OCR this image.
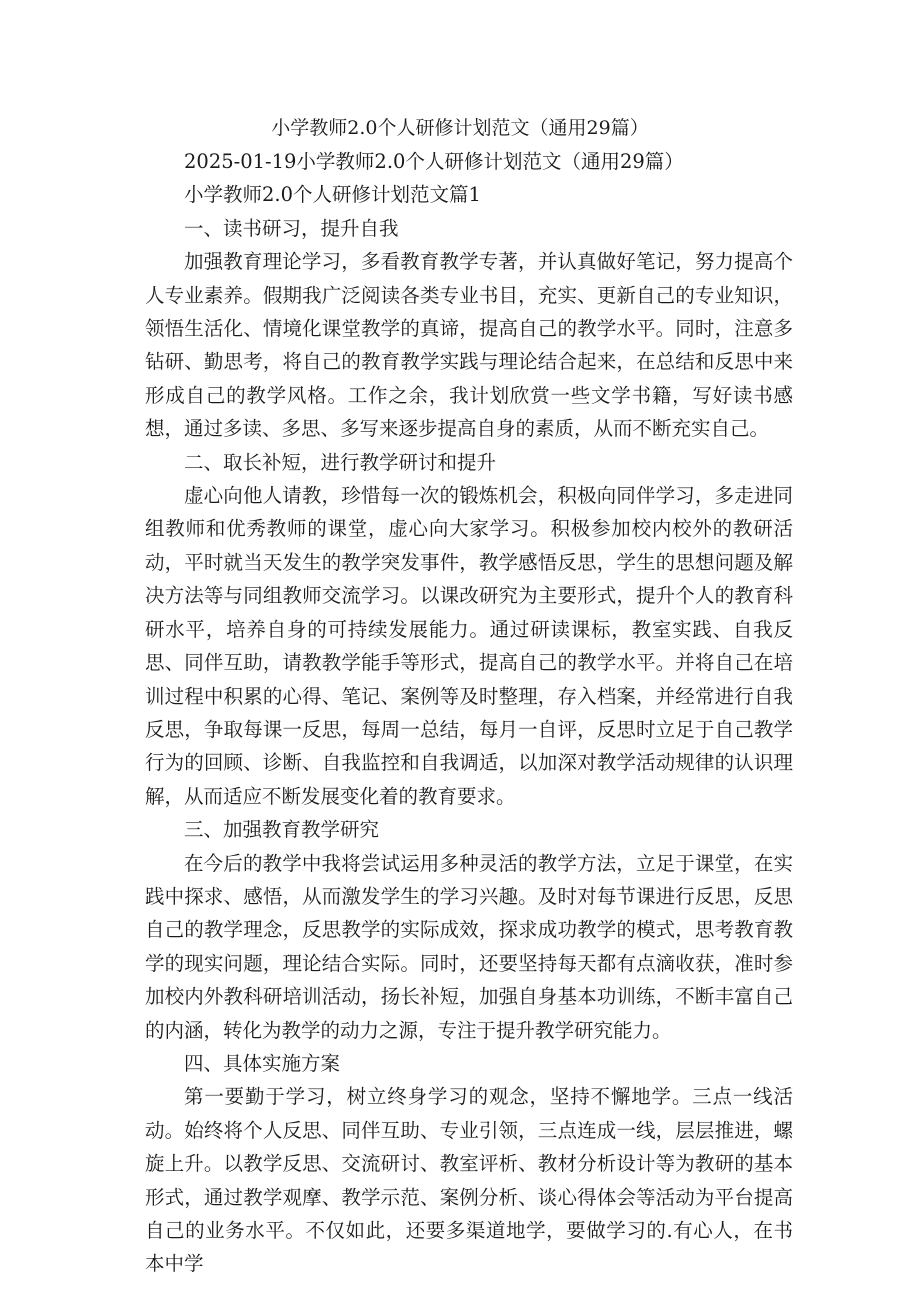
小学教师2.0个人研修计划范文（通用29篇）

2025-01-19小学教师2.0个人研修计划范文（通用29篇）

小学教师2.0个人研修计划范文篇1

一、读书研习，提升自我

加强教育理论学习，多看教育教学专著，并认真做好笔记，努力提高个人专业素养。假期我广泛阅读各类专业书目，充实、更新自己的专业知识，领悟生活化、情境化课堂教学的真谛，提高自己的教学水平。同时，注意多钻研、勤思考，将自己的教育教学实践与理论结合起来，在总结和反思中来形成自己的教学风格。工作之余，我计划欣赏一些文学书籍，写好读书感想，通过多读、多思、多写来逐步提高自身的素质，从而不断充实自己。

二、取长补短，进行教学研讨和提升

虚心向他人请教，珍惜每一次的锻炼机会，积极向同伴学习，多走进同组教师和优秀教师的课堂，虚心向大家学习。积极参加校内校外的教研活动，平时就当天发生的教学突发事件，教学感悟反思，学生的思想问题及解决方法等与同组教师交流学习。以课改研究为主要形式，提升个人的教育科研水平，培养自身的可持续发展能力。通过研读课标，教室实践、自我反思、同伴互助，请教教学能手等形式，提高自己的教学水平。并将自己在培训过程中积累的心得、笔记、案例等及时整理，存入档案，并经常进行自我反思，争取每课一反思，每周一总结，每月一自评，反思时立足于自己教学行为的回顾、诊断、自我监控和自我调适，以加深对教学活动规律的认识理解，从而适应不断发展变化着的教育要求。

三、加强教育教学研究

在今后的教学中我将尝试运用多种灵活的教学方法，立足于课堂，在实践中探求、感悟，从而激发学生的学习兴趣。及时对每节课进行反思，反思自己的教学理念，反思教学的实际成效，探求成功教学的模式，思考教育教学的现实问题，理论结合实际。同时，还要坚持每天都有点滴收获，准时参加校内外教科研培训活动，扬长补短，加强自身基本功训练，不断丰富自己的内涵，转化为教学的动力之源，专注于提升教学研究能力。

四、具体实施方案

第一要勤于学习，树立终身学习的观念，坚持不懈地学。三点一线活动。始终将个人反思、同伴互助、专业引领，三点连成一线，层层推进，螺旋上升。以教学反思、交流研讨、教室评析、教材分析设计等为教研的基本形式，通过教学观摩、教学示范、案例分析、谈心得体会等活动为平台提高自己的业务水平。不仅如此，还要多渠道地学，要做学习的.有心人，在书本中学
